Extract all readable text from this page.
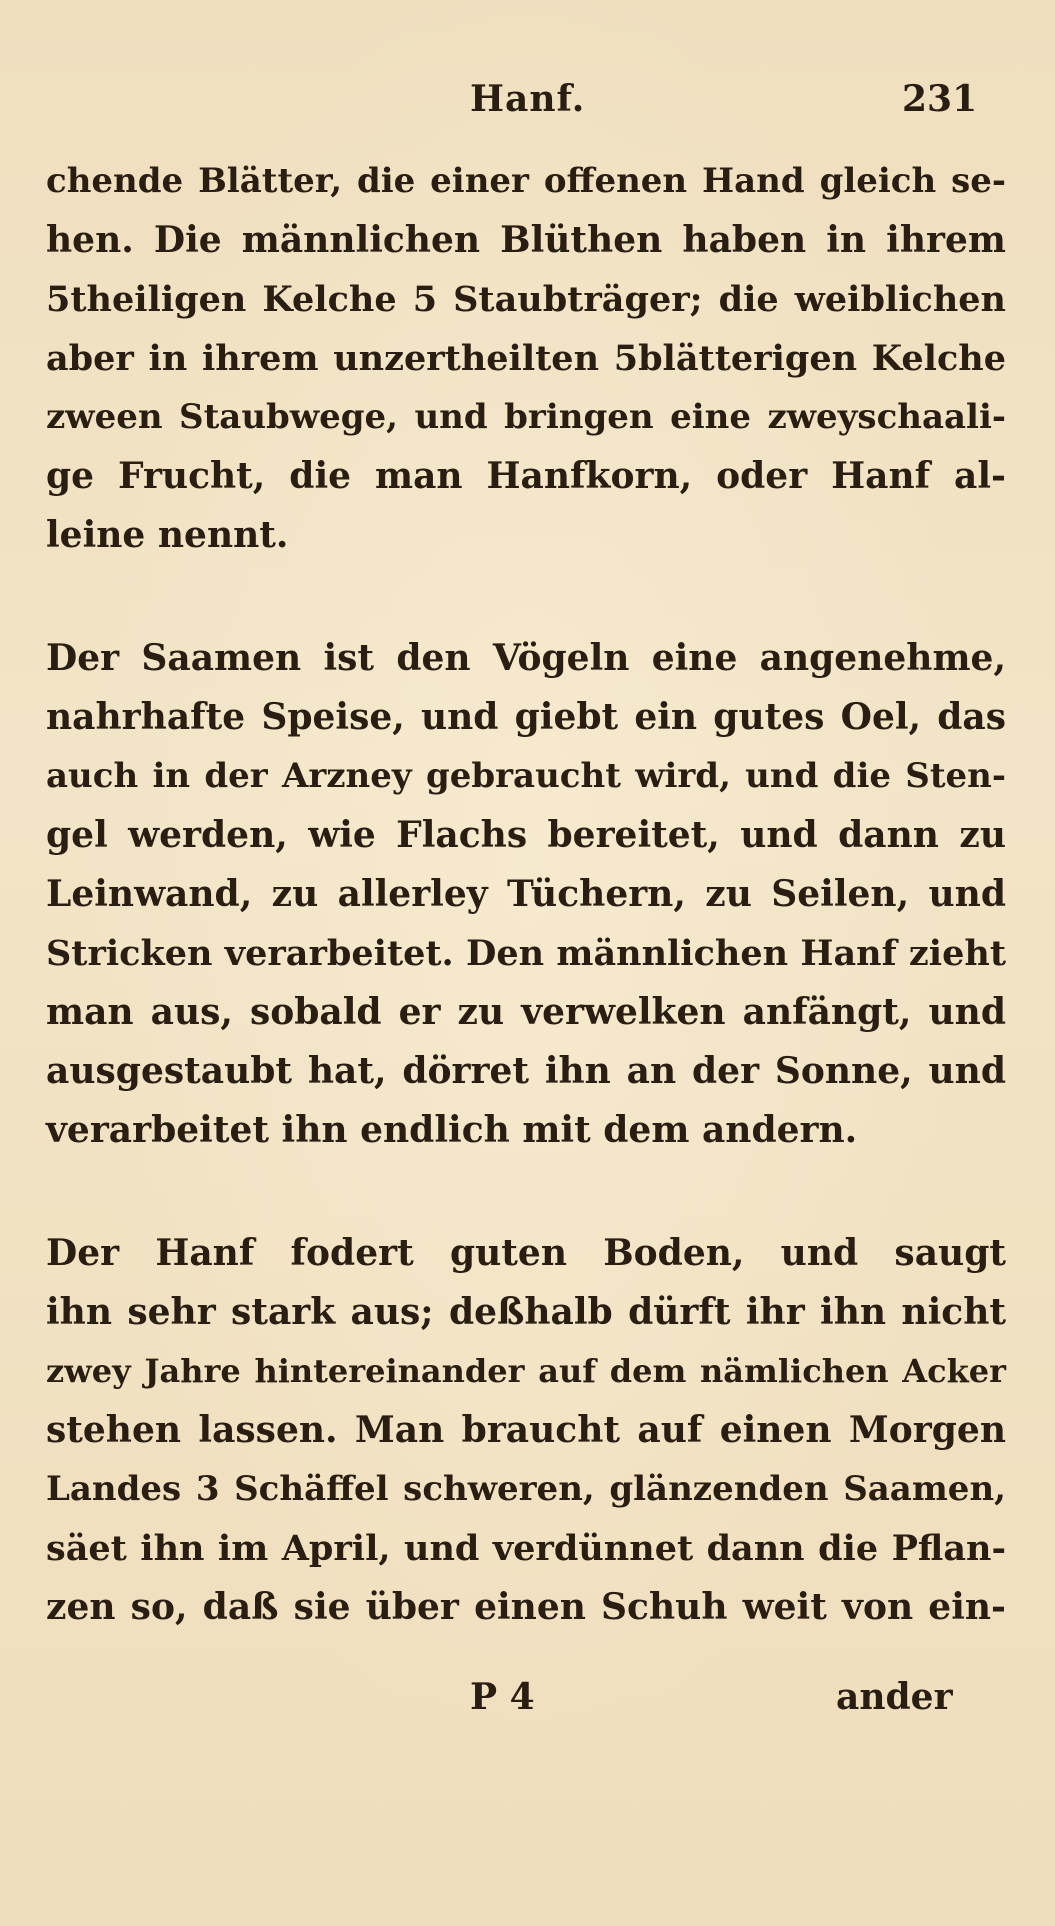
Hanf.	231
chende Blätter, die einer offenen Hand gleich se-
hen. Die männlichen Blüthen haben in ihrem
5theiligen Kelche 5 Staubträger; die weiblichen
aber in ihrem unzertheilten 5blätterigen Kelche
zween Staubwege, und bringen eine zweyschaali-
ge Frucht, die man Hanfkorn, oder Hanf al-
leine nennt.
Der Saamen ist den Vögeln eine angenehme,
nahrhafte Speise, und giebt ein gutes Oel, das
auch in der Arzney gebraucht wird, und die Sten-
gel werden, wie Flachs bereitet, und dann zu
Leinwand, zu allerley Tüchern, zu Seilen, und
Stricken verarbeitet. Den männlichen Hanf zieht
man aus, sobald er zu verwelken anfängt, und
ausgestaubt hat, dörret ihn an der Sonne, und
verarbeitet ihn endlich mit dem andern.
Der Hanf fodert guten Boden, und saugt
ihn sehr stark aus; deßhalb dürft ihr ihn nicht
zwey Jahre hintereinander auf dem nämlichen Acker
stehen lassen. Man braucht auf einen Morgen
Landes 3 Schäffel schweren, glänzenden Saamen,
säet ihn im April, und verdünnet dann die Pflan-
zen so, daß sie über einen Schuh weit von ein-
P 4	ander
